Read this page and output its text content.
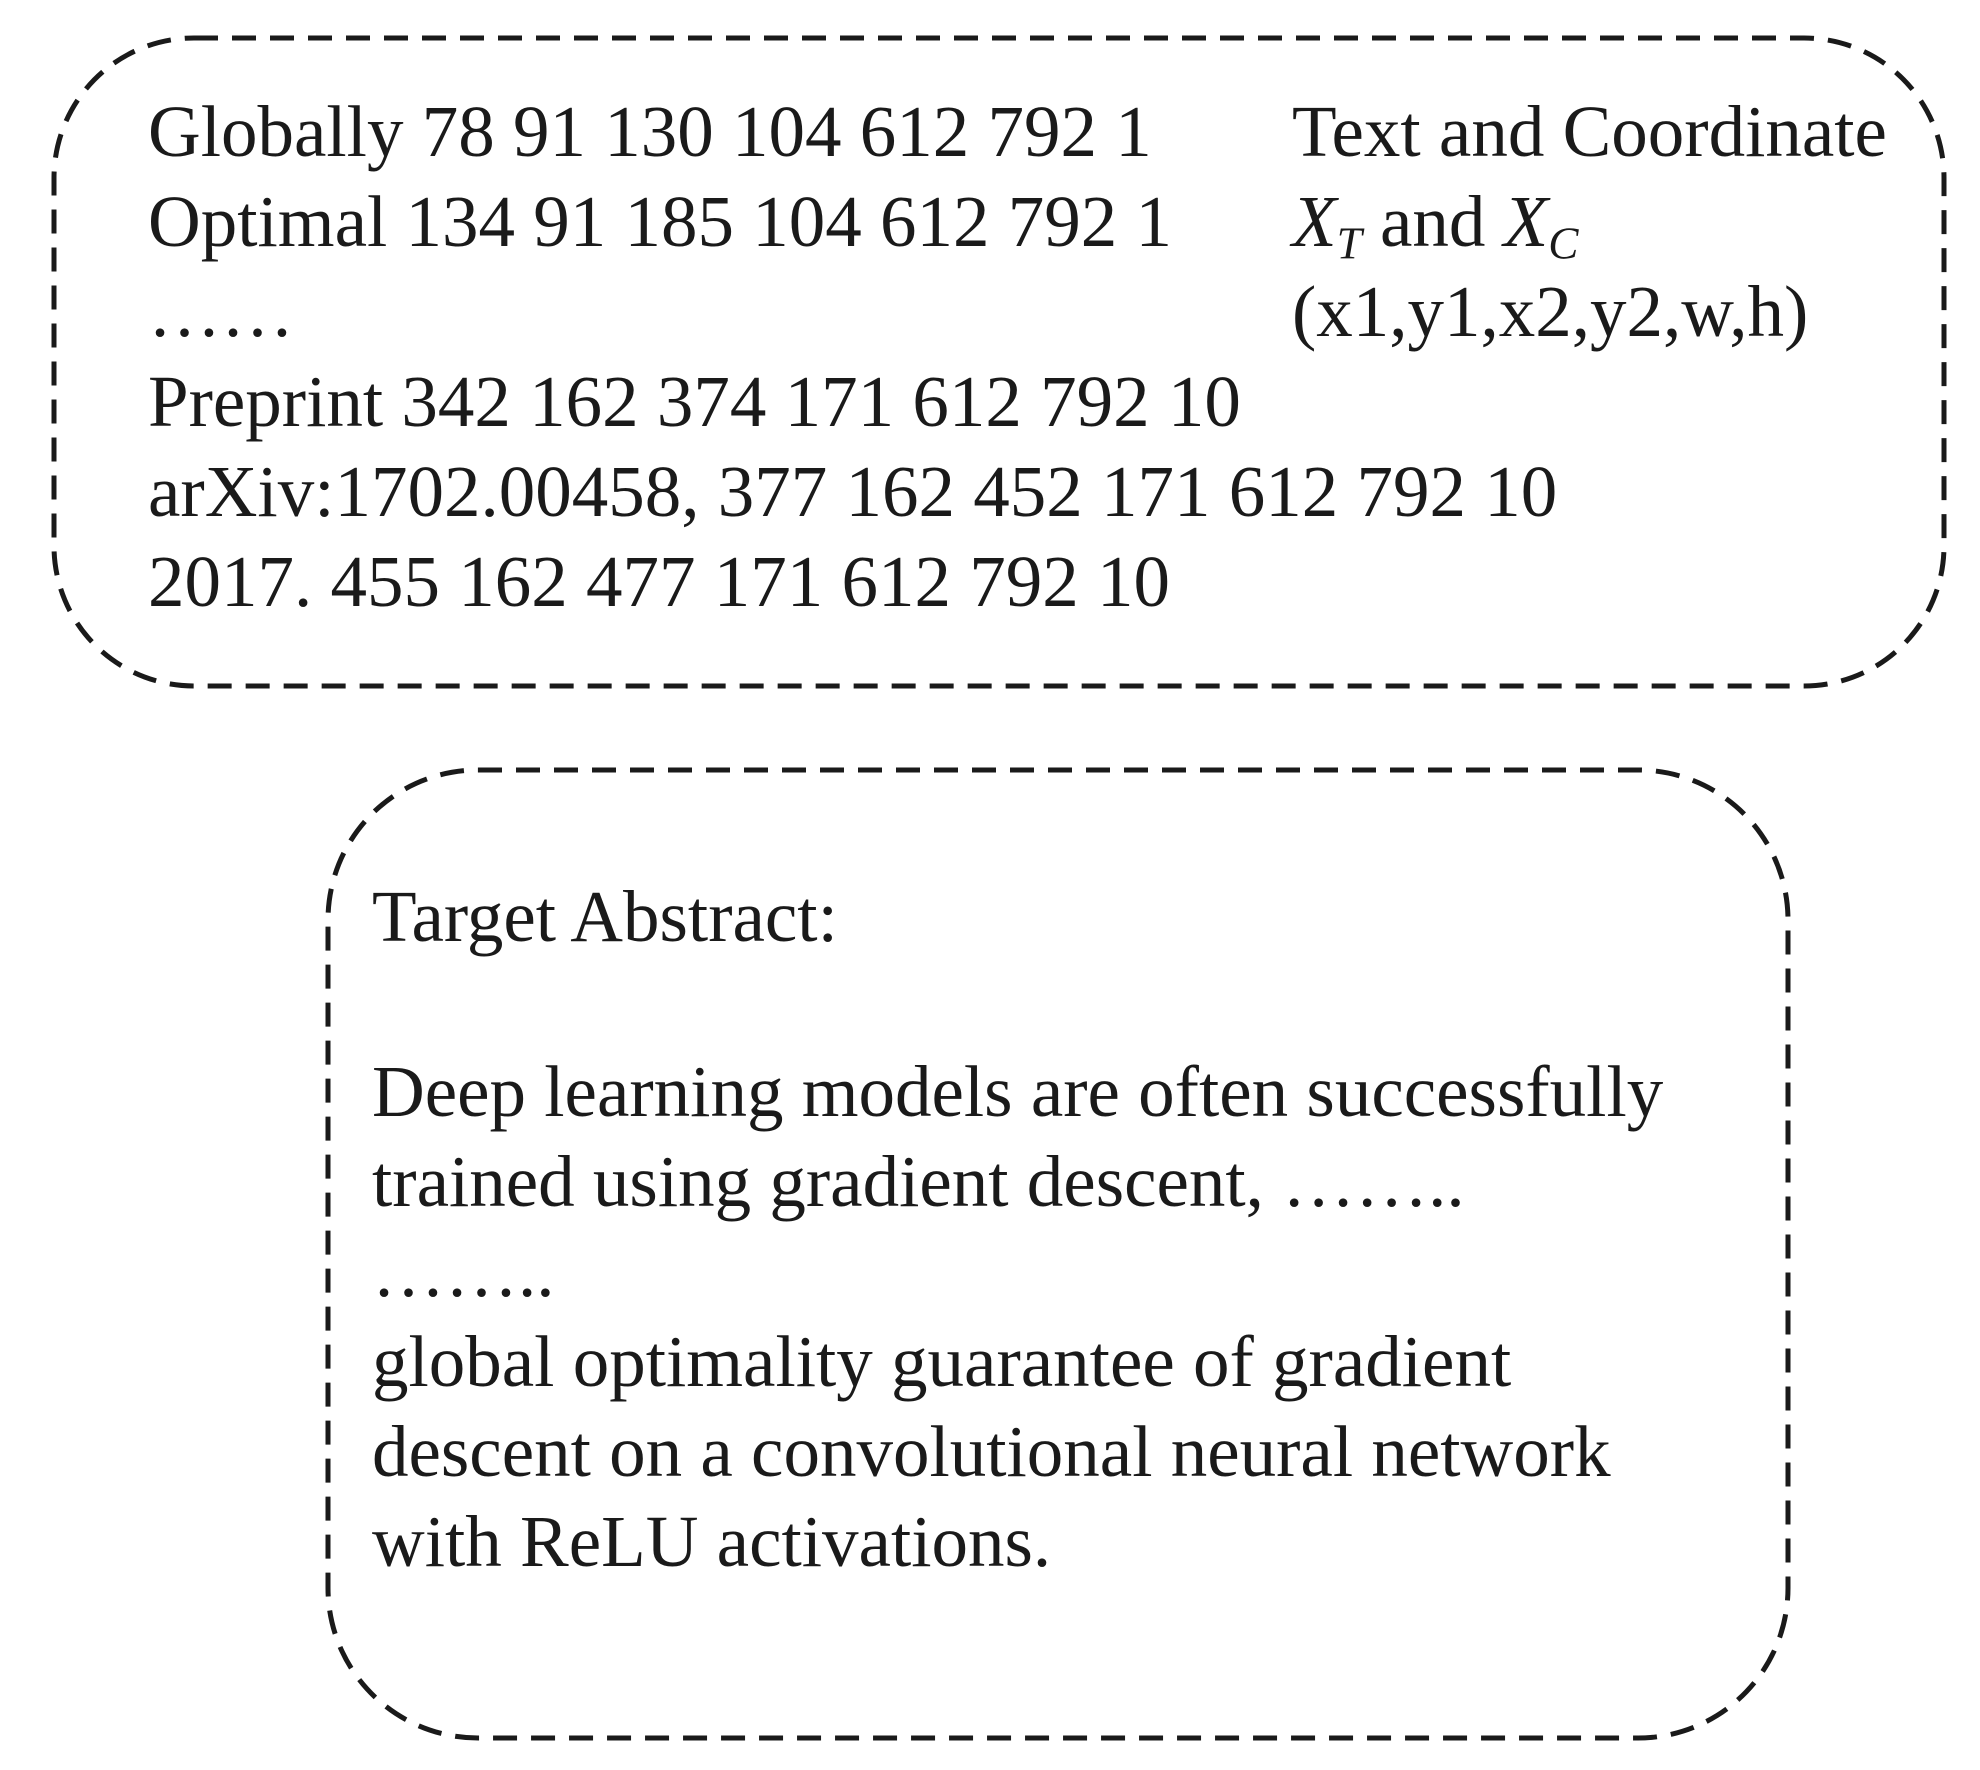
Globally 78 91 130 104 612 792 1
Optimal 134 91 185 104 612 792 1
……
Preprint 342 162 374 171 612 792 10
arXiv:1702.00458, 377 162 452 171 612 792 10
2017. 455 162 477 171 612 792 10
Text and Coordinate
$X_T$ and $X_C$
(x1,y1,x2,y2,w,h)
Target Abstract:
Deep learning models are often successfully
trained using gradient descent, ……..
……..
global optimality guarantee of gradient
descent on a convolutional neural network
with ReLU activations.
